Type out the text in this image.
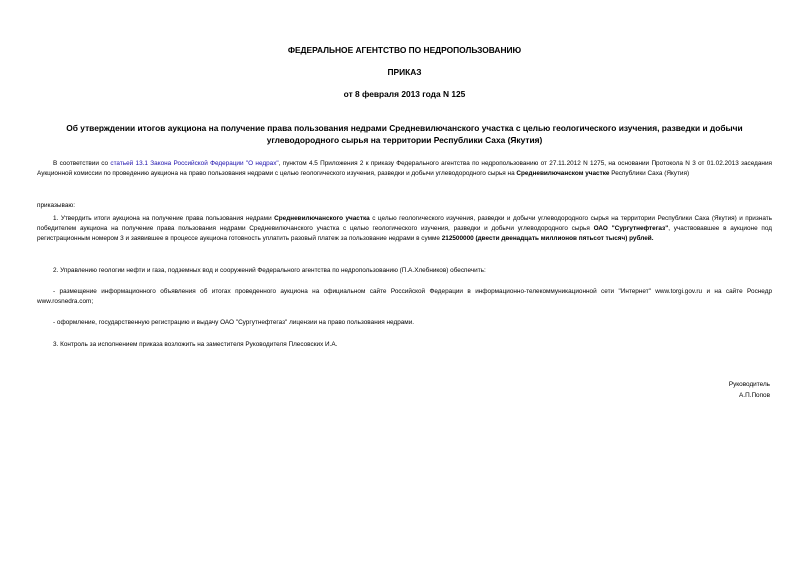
ФЕДЕРАЛЬНОЕ АГЕНТСТВО ПО НЕДРОПОЛЬЗОВАНИЮ
ПРИКАЗ
от 8 февраля 2013 года N 125
Об утверждении итогов аукциона на получение права пользования недрами Средневилючанского участка с целью геологического изучения, разведки и добычи углеводородного сырья на территории Республики Саха (Якутия)

В соответствии со статьей 13.1 Закона Российской Федерации "О недрах", пунктом 4.5 Приложения 2 к приказу Федерального агентства по недропользованию от 27.11.2012 N 1275, на основании Протокола N 3 от 01.02.2013 заседания Аукционной комиссии по проведению аукциона на право пользования недрами с целью геологического изучения, разведки и добычи углеводородного сырья на Средневилючанском участке Республики Саха (Якутия)

приказываю:

1. Утвердить итоги аукциона на получение права пользования недрами Средневилючанского участка с целью геологического изучения, разведки и добычи углеводородного сырья на территории Республики Саха (Якутия) и признать победителем аукциона на получение права пользования недрами Средневилючанского участка с целью геологического изучения, разведки и добычи углеводородного сырья ОАО "Сургутнефтегаз", участвовавшее в аукционе под регистрационным номером 3 и заявившее в процессе аукциона готовность уплатить разовый платеж за пользование недрами в сумме 212500000 (двести двенадцать миллионов пятьсот тысяч) рублей.

2. Управлению геологии нефти и газа, подземных вод и сооружений Федерального агентства по недропользованию (П.А.Хлебников) обеспечить:

- размещение информационного объявления об итогах проведенного аукциона на официальном сайте Российской Федерации в информационно-телекоммуникационной сети "Интернет" www.torgi.gov.ru и на сайте Роснедр www.rosnedra.com;

- оформление, государственную регистрацию и выдачу ОАО "Сургутнефтегаз" лицензии на право пользования недрами.

3. Контроль за исполнением приказа возложить на заместителя Руководителя Плесовских И.А.

Руководитель
А.П.Попов
